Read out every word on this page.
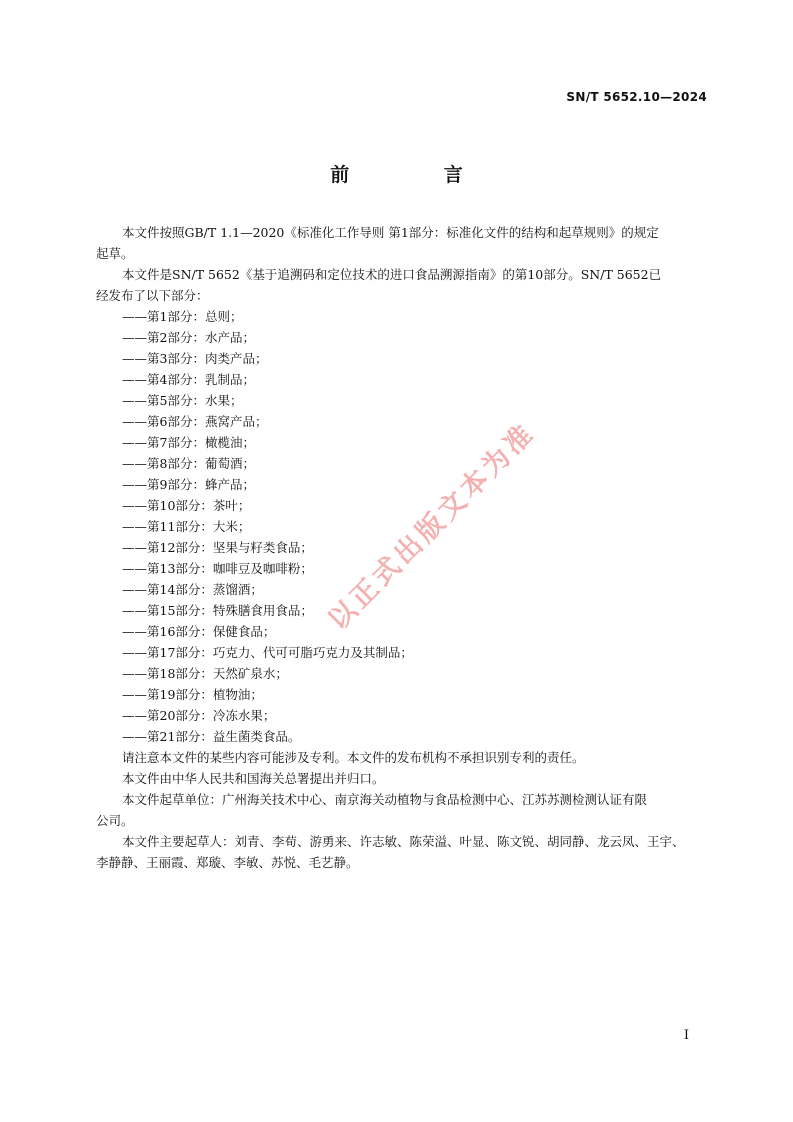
SN/T 5652.10—2024
前 言

本文件按照GB/T 1.1—2020《标准化工作导则 第1部分：标准化文件的结构和起草规则》的规定
起草。

本文件是SN/T 5652《基于追溯码和定位技术的进口食品溯源指南》的第10部分。SN/T 5652已
经发布了以下部分：

——第1部分：总则；
——第2部分：水产品；
——第3部分：肉类产品；
——第4部分：乳制品；
——第5部分：水果；
——第6部分：燕窝产品；
——第7部分：橄榄油；
——第8部分：葡萄酒；
——第9部分：蜂产品；
——第10部分：茶叶；
——第11部分：大米；
——第12部分：坚果与籽类食品；
——第13部分：咖啡豆及咖啡粉；
——第14部分：蒸馏酒；
——第15部分：特殊膳食用食品；
——第16部分：保健食品；
——第17部分：巧克力、代可可脂巧克力及其制品；
——第18部分：天然矿泉水；
——第19部分：植物油；
——第20部分：冷冻水果；
——第21部分：益生菌类食品。

请注意本文件的某些内容可能涉及专利。本文件的发布机构不承担识别专利的责任。

本文件由中华人民共和国海关总署提出并归口。

本文件起草单位：广州海关技术中心、南京海关动植物与食品检测中心、江苏苏测检测认证有限
公司。

本文件主要起草人：刘青、李荀、游勇来、许志敏、陈荣溢、叶显、陈文锐、胡同静、龙云凤、王宇、
李静静、王丽霞、郑璇、李敏、苏悦、毛艺静。

以正式出版文本为准
I
